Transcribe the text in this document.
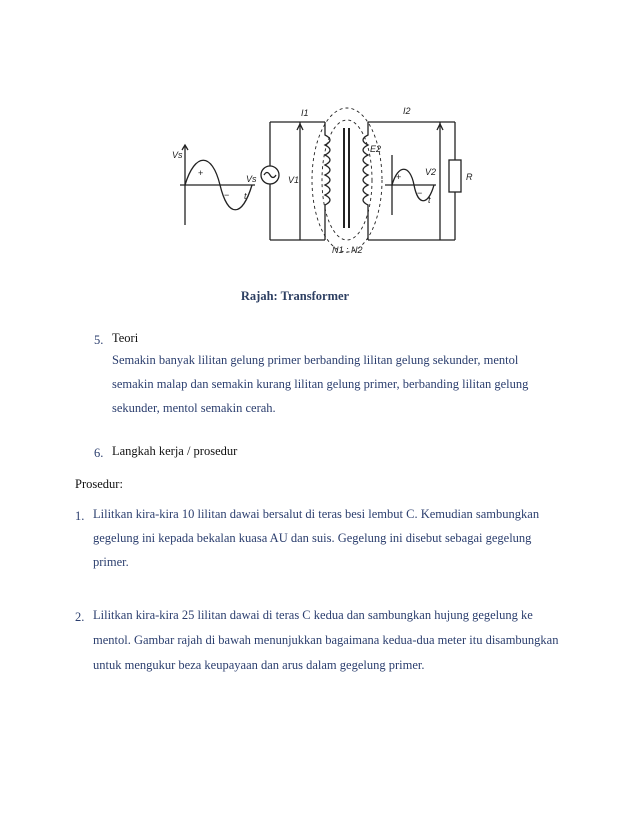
+
−
+
−
Vs
t
Vs	V1
I1	I2
E2
V2	R
t
N1 : N2
Rajah: Transformer
5. Teori
Semakin banyak lilitan gelung primer berbanding lilitan gelung sekunder, mentol
semakin malap dan semakin kurang lilitan gelung primer, berbanding lilitan gelung
sekunder, mentol semakin cerah.
6. Langkah kerja / prosedur
Prosedur:
1. Lilitkan kira-kira 10 lilitan dawai bersalut di teras besi lembut C. Kemudian sambungkan
gegelung ini kepada bekalan kuasa AU dan suis. Gegelung ini disebut sebagai gegelung
primer.
2. Lilitkan kira-kira 25 lilitan dawai di teras C kedua dan sambungkan hujung gegelung ke
mentol. Gambar rajah di bawah menunjukkan bagaimana kedua-dua meter itu disambungkan
untuk mengukur beza keupayaan dan arus dalam gegelung primer.
